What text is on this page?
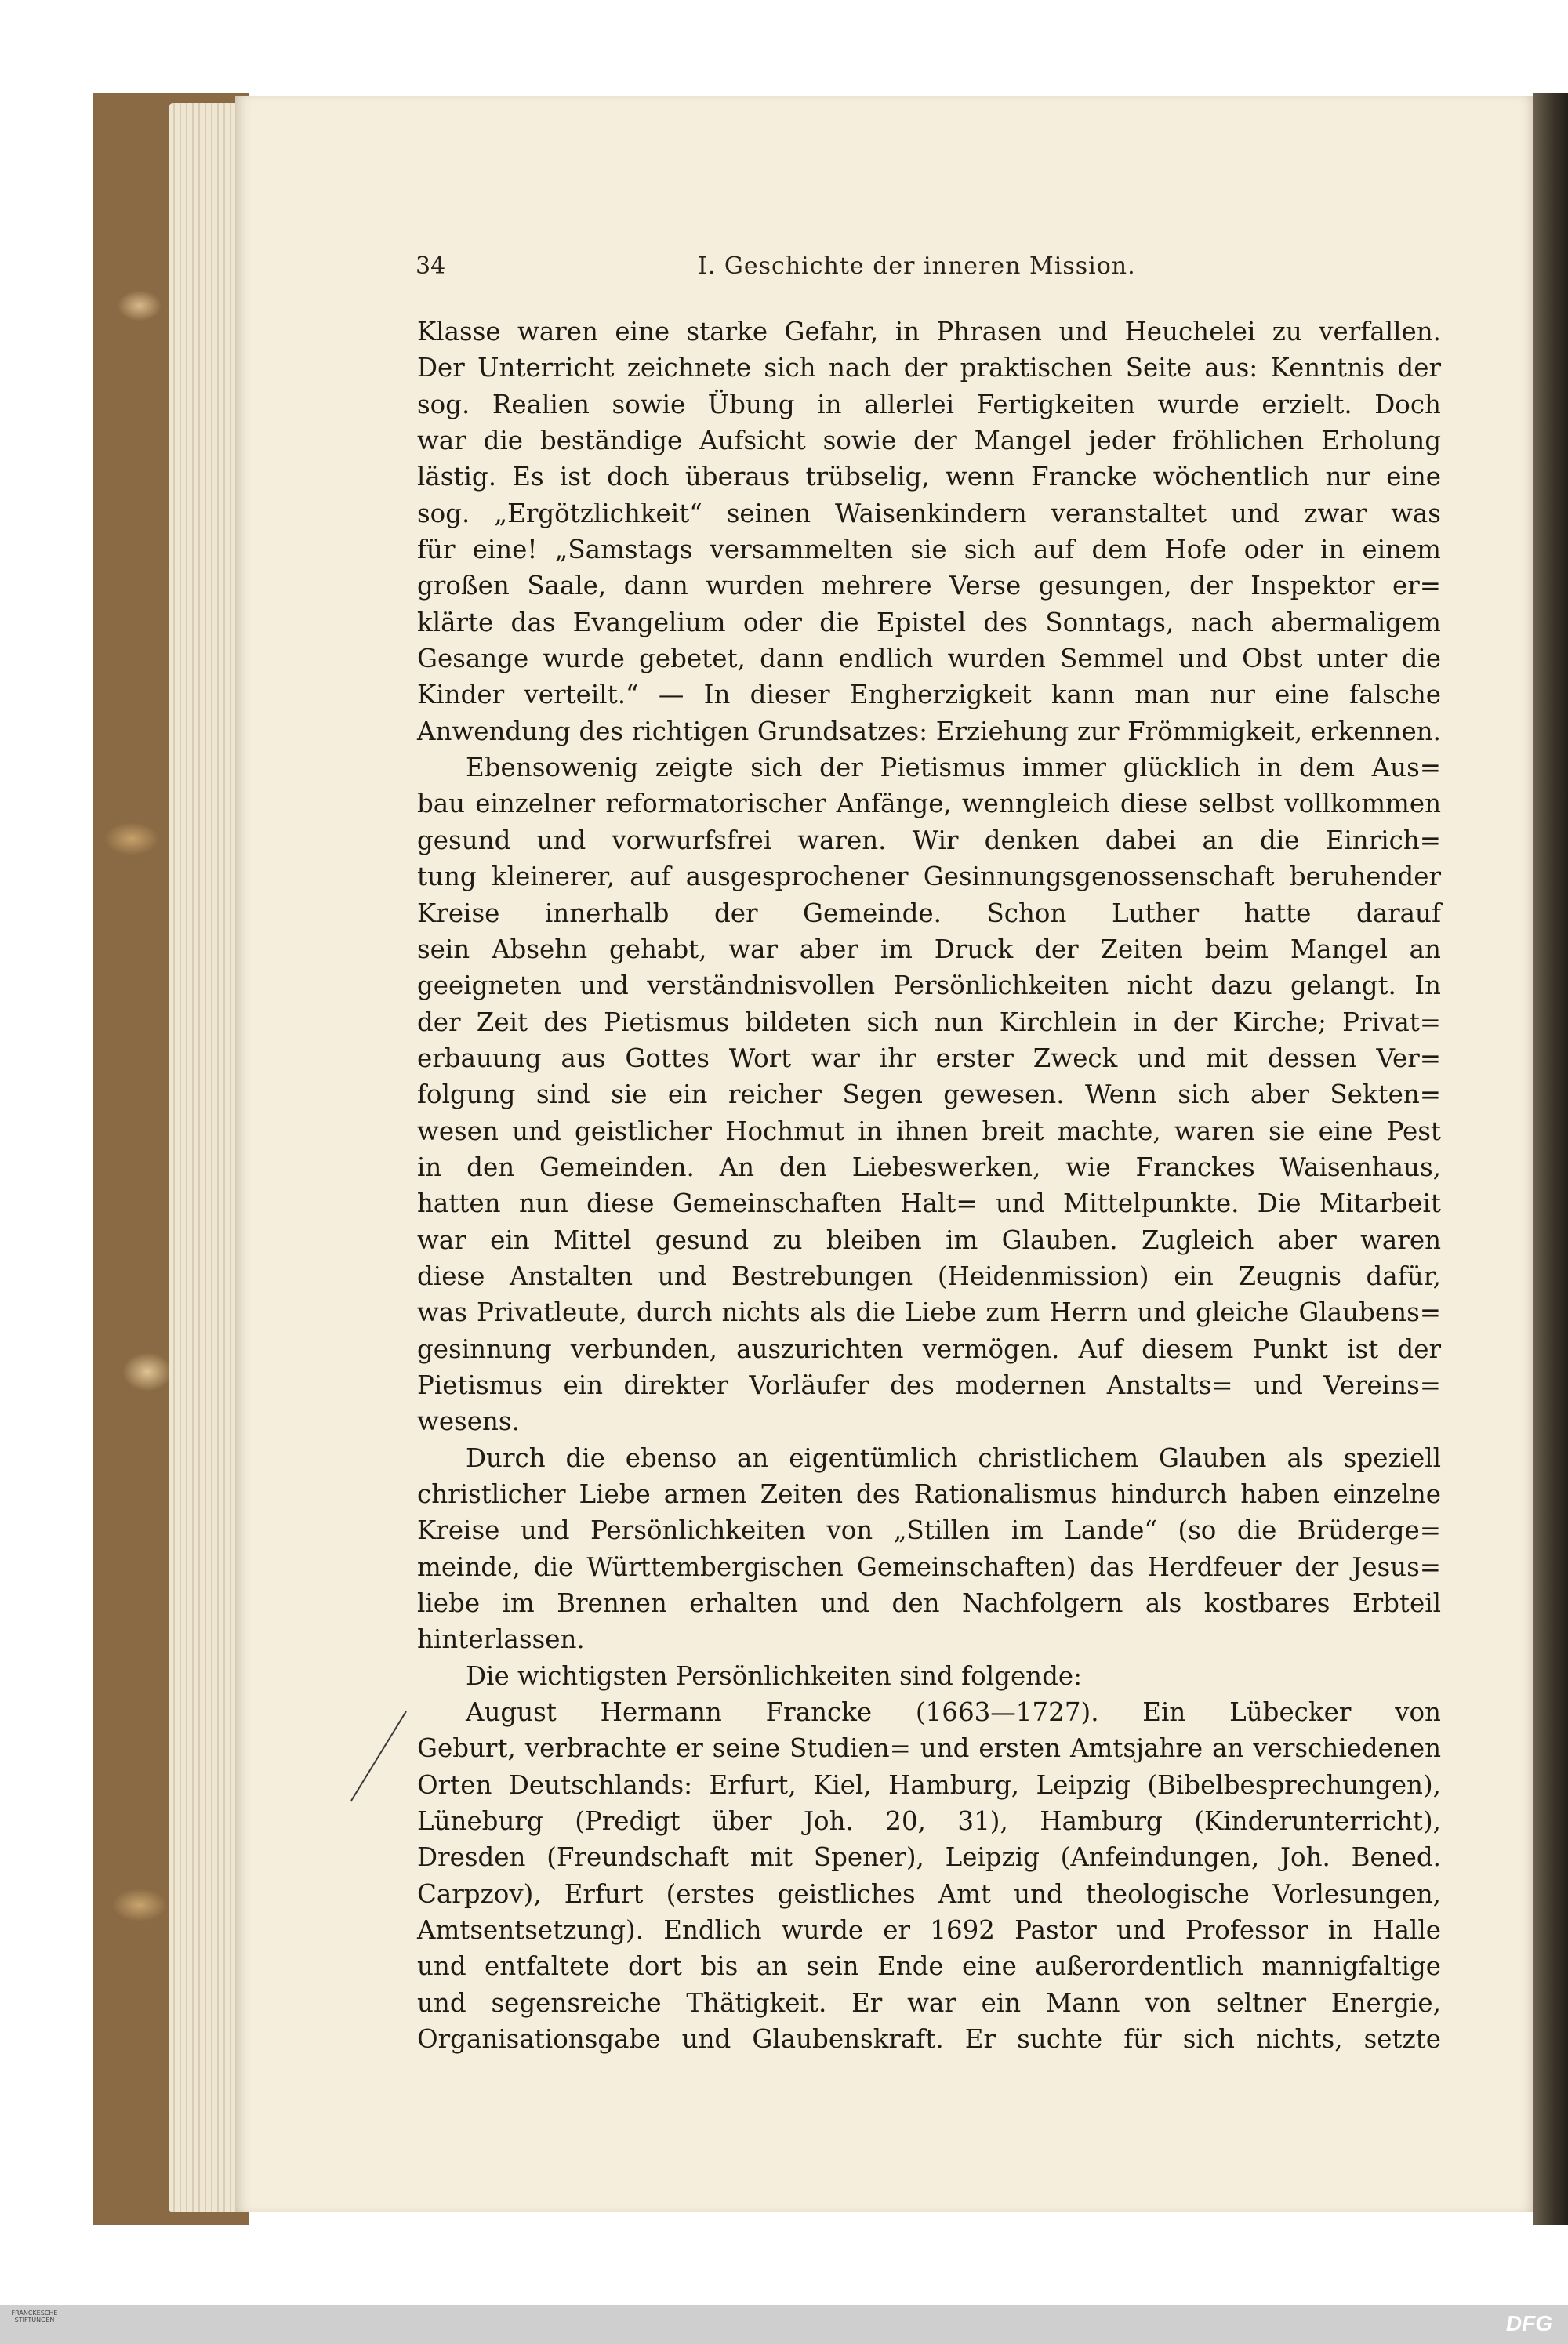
34	I. Geschichte der inneren Mission.
Klasse waren eine starke Gefahr, in Phrasen und Heuchelei zu verfallen.
Der Unterricht zeichnete sich nach der praktischen Seite aus: Kenntnis der
sog. Realien sowie Übung in allerlei Fertigkeiten wurde erzielt. Doch
war die beständige Aufsicht sowie der Mangel jeder fröhlichen Erholung
lästig. Es ist doch überaus trübselig, wenn Francke wöchentlich nur eine
sog. „Ergötzlichkeit“ seinen Waisenkindern veranstaltet und zwar was
für eine! „Samstags versammelten sie sich auf dem Hofe oder in einem
großen Saale, dann wurden mehrere Verse gesungen, der Inspektor er=
klärte das Evangelium oder die Epistel des Sonntags, nach abermaligem
Gesange wurde gebetet, dann endlich wurden Semmel und Obst unter die
Kinder verteilt.“ — In dieser Engherzigkeit kann man nur eine falsche
Anwendung des richtigen Grundsatzes: Erziehung zur Frömmigkeit, erkennen.
Ebensowenig zeigte sich der Pietismus immer glücklich in dem Aus=
bau einzelner reformatorischer Anfänge, wenngleich diese selbst vollkommen
gesund und vorwurfsfrei waren. Wir denken dabei an die Einrich=
tung kleinerer, auf ausgesprochener Gesinnungsgenossenschaft beruhender
Kreise innerhalb der Gemeinde. Schon Luther hatte darauf
sein Absehn gehabt, war aber im Druck der Zeiten beim Mangel an
geeigneten und verständnisvollen Persönlichkeiten nicht dazu gelangt. In
der Zeit des Pietismus bildeten sich nun Kirchlein in der Kirche; Privat=
erbauung aus Gottes Wort war ihr erster Zweck und mit dessen Ver=
folgung sind sie ein reicher Segen gewesen. Wenn sich aber Sekten=
wesen und geistlicher Hochmut in ihnen breit machte, waren sie eine Pest
in den Gemeinden. An den Liebeswerken, wie Franckes Waisenhaus,
hatten nun diese Gemeinschaften Halt= und Mittelpunkte. Die Mitarbeit
war ein Mittel gesund zu bleiben im Glauben. Zugleich aber waren
diese Anstalten und Bestrebungen (Heidenmission) ein Zeugnis dafür,
was Privatleute, durch nichts als die Liebe zum Herrn und gleiche Glaubens=
gesinnung verbunden, auszurichten vermögen. Auf diesem Punkt ist der
Pietismus ein direkter Vorläufer des modernen Anstalts= und Vereins=
wesens.
Durch die ebenso an eigentümlich christlichem Glauben als speziell
christlicher Liebe armen Zeiten des Rationalismus hindurch haben einzelne
Kreise und Persönlichkeiten von „Stillen im Lande“ (so die Brüderge=
meinde, die Württembergischen Gemeinschaften) das Herdfeuer der Jesus=
liebe im Brennen erhalten und den Nachfolgern als kostbares Erbteil
hinterlassen.
Die wichtigsten Persönlichkeiten sind folgende:
August Hermann Francke (1663—1727). Ein Lübecker von
Geburt, verbrachte er seine Studien= und ersten Amtsjahre an verschiedenen
Orten Deutschlands: Erfurt, Kiel, Hamburg, Leipzig (Bibelbesprechungen),
Lüneburg (Predigt über Joh. 20, 31), Hamburg (Kinderunterricht),
Dresden (Freundschaft mit Spener), Leipzig (Anfeindungen, Joh. Bened.
Carpzov), Erfurt (erstes geistliches Amt und theologische Vorlesungen,
Amtsentsetzung). Endlich wurde er 1692 Pastor und Professor in Halle
und entfaltete dort bis an sein Ende eine außerordentlich mannigfaltige
und segensreiche Thätigkeit. Er war ein Mann von seltner Energie,
Organisationsgabe und Glaubenskraft. Er suchte für sich nichts, setzte
FRANCKESCHE STIFTUNGEN	DFG
